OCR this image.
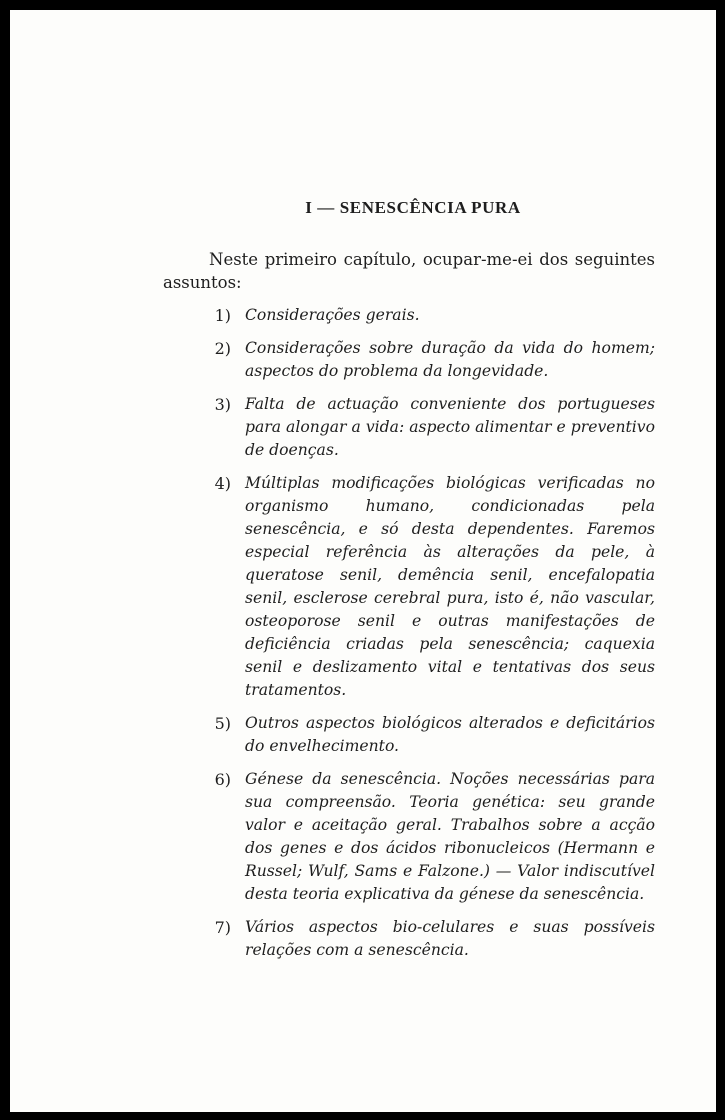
I — SENESCÊNCIA PURA

Neste primeiro capítulo, ocupar-me-ei dos seguintes assuntos:

1) Considerações gerais.
2) Considerações sobre duração da vida do homem; aspectos do problema da longevidade.
3) Falta de actuação conveniente dos portugueses para alongar a vida: aspecto alimentar e preventivo de doenças.
4) Múltiplas modificações biológicas verificadas no organismo humano, condicionadas pela senescência, e só desta dependentes. Faremos especial referência às alterações da pele, à queratose senil, demência senil, encefalopatia senil, esclerose cerebral pura, isto é, não vascular, osteoporose senil e outras manifestações de deficiência criadas pela senescência; caquexia senil e deslizamento vital e tentativas dos seus tratamentos.
5) Outros aspectos biológicos alterados e deficitários do envelhecimento.
6) Génese da senescência. Noções necessárias para sua compreensão. Teoria genética: seu grande valor e aceitação geral. Trabalhos sobre a acção dos genes e dos ácidos ribonucleicos (Hermann e Russel; Wulf, Sams e Falzone.) — Valor indiscutível desta teoria explicativa da génese da senescência.
7) Vários aspectos bio-celulares e suas possíveis relações com a senescência.
